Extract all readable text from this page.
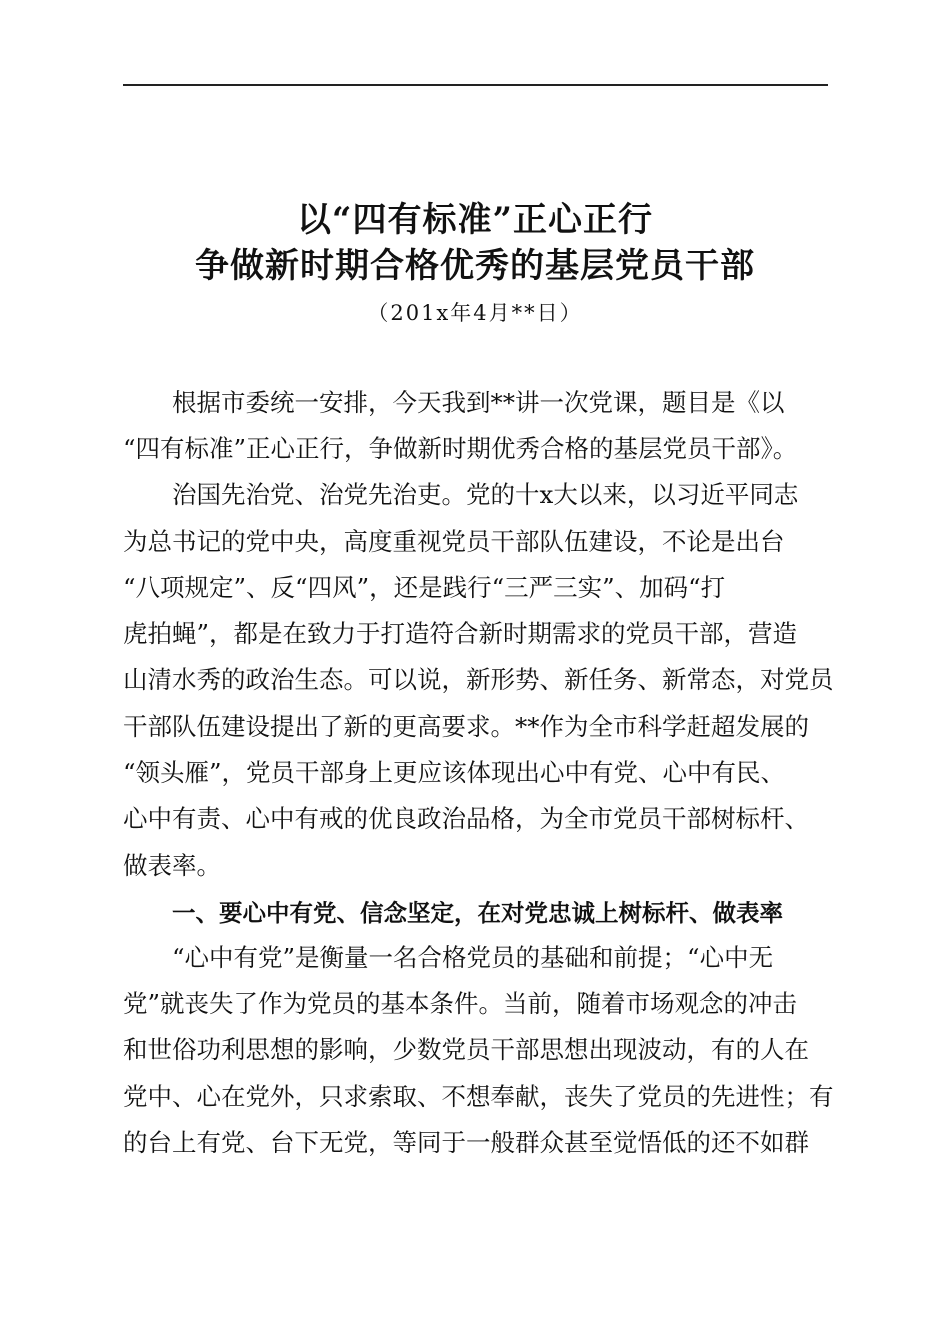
以“四有标准”正心正行
争做新时期合格优秀的基层党员干部
（201x年4月**日）
根据市委统一安排，今天我到**讲一次党课，题目是《以
“四有标准”正心正行，争做新时期优秀合格的基层党员干部》。
治国先治党、治党先治吏。党的十x大以来，以习近平同志
为总书记的党中央，高度重视党员干部队伍建设，不论是出台
“八项规定”、反“四风”，还是践行“三严三实”、加码“打
虎拍蝇”，都是在致力于打造符合新时期需求的党员干部，营造
山清水秀的政治生态。可以说，新形势、新任务、新常态，对党员
干部队伍建设提出了新的更高要求。**作为全市科学赶超发展的
“领头雁”，党员干部身上更应该体现出心中有党、心中有民、
心中有责、心中有戒的优良政治品格，为全市党员干部树标杆、
做表率。
一、要心中有党、信念坚定，在对党忠诚上树标杆、做表率
“心中有党”是衡量一名合格党员的基础和前提；“心中无
党”就丧失了作为党员的基本条件。当前，随着市场观念的冲击
和世俗功利思想的影响，少数党员干部思想出现波动，有的人在
党中、心在党外，只求索取、不想奉献，丧失了党员的先进性；有
的台上有党、台下无党，等同于一般群众甚至觉悟低的还不如群
